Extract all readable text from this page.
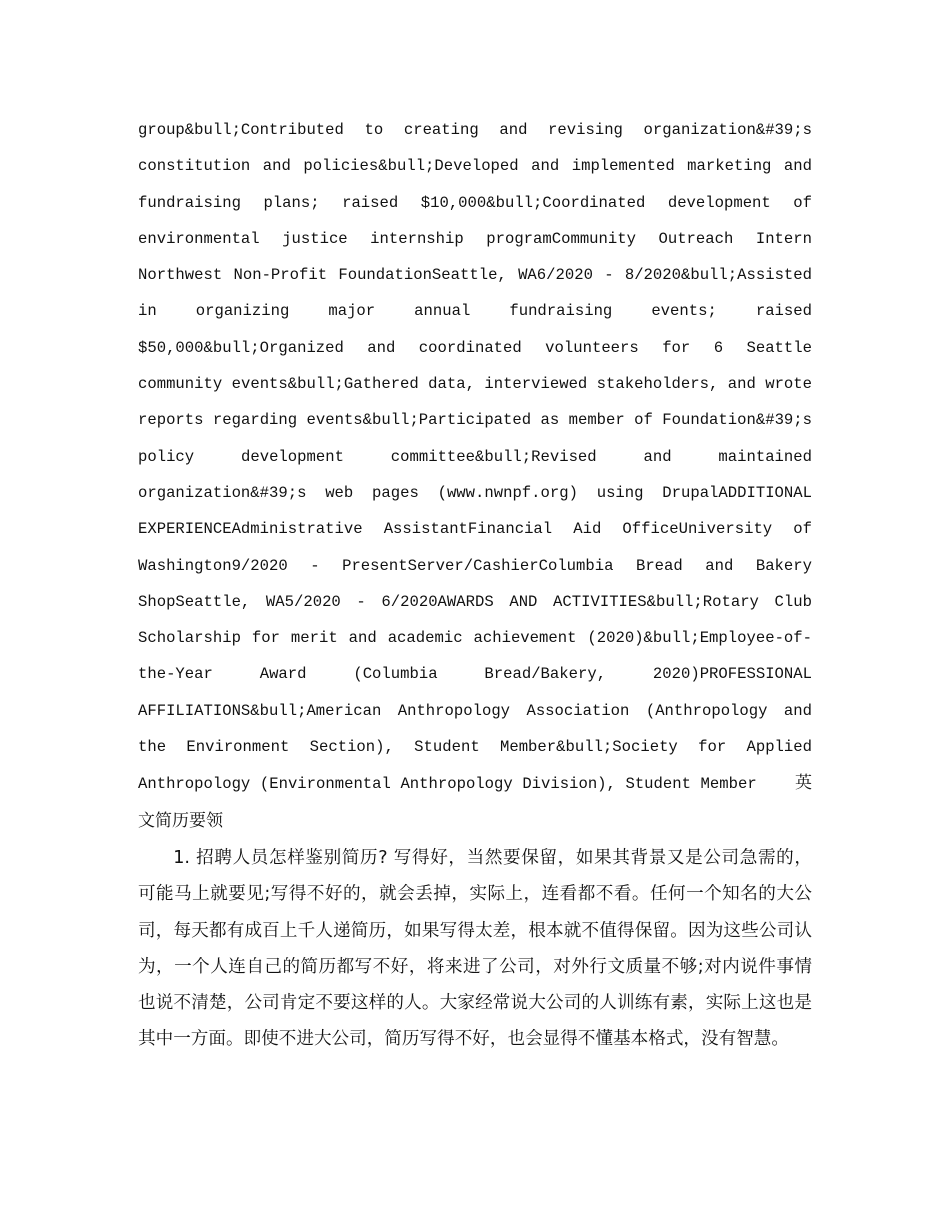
group&bull;Contributed to creating and revising organization&#39;s constitution and policies&bull;Developed and implemented marketing and fundraising plans; raised $10,000&bull;Coordinated development of environmental justice internship programCommunity Outreach Intern Northwest Non-Profit FoundationSeattle, WA6/2020 - 8/2020&bull;Assisted in organizing major annual fundraising events; raised $50,000&bull;Organized and coordinated volunteers for 6 Seattle community events&bull;Gathered data, interviewed stakeholders, and wrote reports regarding events&bull;Participated as member of Foundation&#39;s policy development committee&bull;Revised and maintained organization&#39;s web pages (www.nwnpf.org) using DrupalADDITIONAL EXPERIENCEAdministrative AssistantFinancial Aid OfficeUniversity of Washington9/2020 - PresentServer/CashierColumbia Bread and Bakery ShopSeattle, WA5/2020 - 6/2020AWARDS AND ACTIVITIES&bull;Rotary Club Scholarship for merit and academic achievement (2020)&bull;Employee-of-the-Year Award (Columbia Bread/Bakery, 2020)PROFESSIONAL AFFILIATIONS&bull;American Anthropology Association (Anthropology and the Environment Section), Student Member&bull;Society for Applied Anthropology (Environmental Anthropology Division), Student Member 英文简历要领

1. 招聘人员怎样鉴别简历? 写得好，当然要保留，如果其背景又是公司急需的， 可能马上就要见;写得不好的，就会丢掉，实际上，连看都不看。任何一个知名的大公司，每天都有成百上千人递简历，如果写得太差，根本就不值得保留。因为这些公司认为，一个人连自己的简历都写不好，将来进了公司，对外行文质量不够;对内说件事情也说不清楚，公司肯定不要这样的人。大家经常说大公司的人训练有素，实际上这也是其中一方面。即使不进大公司，简历写得不好，也会显得不懂基本格式，没有智慧。
